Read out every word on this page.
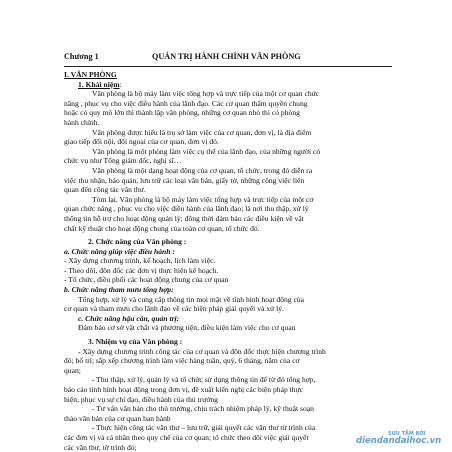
Chương 1	QUẢN TRỊ HÀNH CHÍNH VĂN PHÒNG

I. VĂN PHÒNG

1. Khái niệm:

Văn phòng là bộ máy làm việc tổng hợp và trực tiếp của một cơ quan chức

năng , phục vụ cho việc điều hành của lãnh đạo. Các cơ quan thẩm quyền chung

hoặc có quy mô lớn thì thành lập văn phòng, những cơ quan nhỏ thì có phòng

hành chính.

Văn phòng được hiểu là trụ sở làm việc của cơ quan, đơn vị, là địa điểm

giao tiếp đối nội, đối ngoại của cơ quan, đơn vị đó.

Văn phòng là một phòng làm việc cụ thể của lãnh đạo, của những người có

chức vụ như Tổng giám đốc, nghị sĩ…

Văn phòng là một dạng hoạt động của cơ quan, tổ chức, trong đó diễn ra

việc thu nhận, bảo quản, lưu trữ các loại văn bản, giấy tờ, những công việc liên

quan đến công tác văn thư.

Tóm lại, Văn phòng là bộ máy làm việc tổng hợp và trực tiếp của một cơ

quan chức năng , phục vụ cho việc điều hành của lãnh đạo; là nơi thu thập, xử lý

thông tin hỗ trợ cho hoạt động quản lý; đồng thời đảm bảo các điều kiện về vật

chất kỹ thuật cho hoạt động chung của toàn cơ quan, tổ chức đó.

2. Chức năng của Văn phòng :

a. Chức năng giúp việc điều hành :

- Xây dựng chương trình, kế hoạch, lịch làm việc.

- Theo dõi, đôn đốc các đơn vị thực hiện kế hoạch.

- Tổ chức, điều phối các hoạt động chung của cơ quan

b. Chức năng tham mưu tổng hợp:

Tổng hợp, xử lý và cung cấp thông tin mọi mặt về tình hình hoạt động của

cơ quan và tham mưu cho lãnh đạo về các biện pháp giải quyết và xử lý.

c. Chức năng hậu cần, quản trị:

Đảm bảo cơ sở vật chất và phương tiện, điều kiện làm việc cho cơ quan

3. Nhiệm vụ của Văn phòng :

- Xây dựng chương trình công tác của cơ quan và đôn đốc thực hiện chương trình

đó; bố trí; sắp xếp chương trình làm việc hàng tuần, quý, 6 tháng, năm của cơ

quan;

- Thu thập, xử lý, quản lý và tổ chức sử dụng thông tin để từ đó tổng hợp,

báo cáo tình hình hoạt động trong đơn vị, đề xuất kiến nghị các biện pháp thực

hiện, phục vụ sự chỉ đạo, điều hành của thủ trưởng

- Tư vấn văn bản cho thủ trưởng, chịu trách nhiệm pháp lý, kỹ thuật soạn

thảo văn bản của cơ quan ban hành

- Thực hiện công tác văn thư – lưu trữ, giải quyết các văn thư từ trình của

các đơn vị và cá nhân theo quy chế của cơ quan; tổ chức theo dõi việc giải quyết

các văn thư, tờ trình đó;

SƯU TẦM BỞI
diendandaihoc.vn
